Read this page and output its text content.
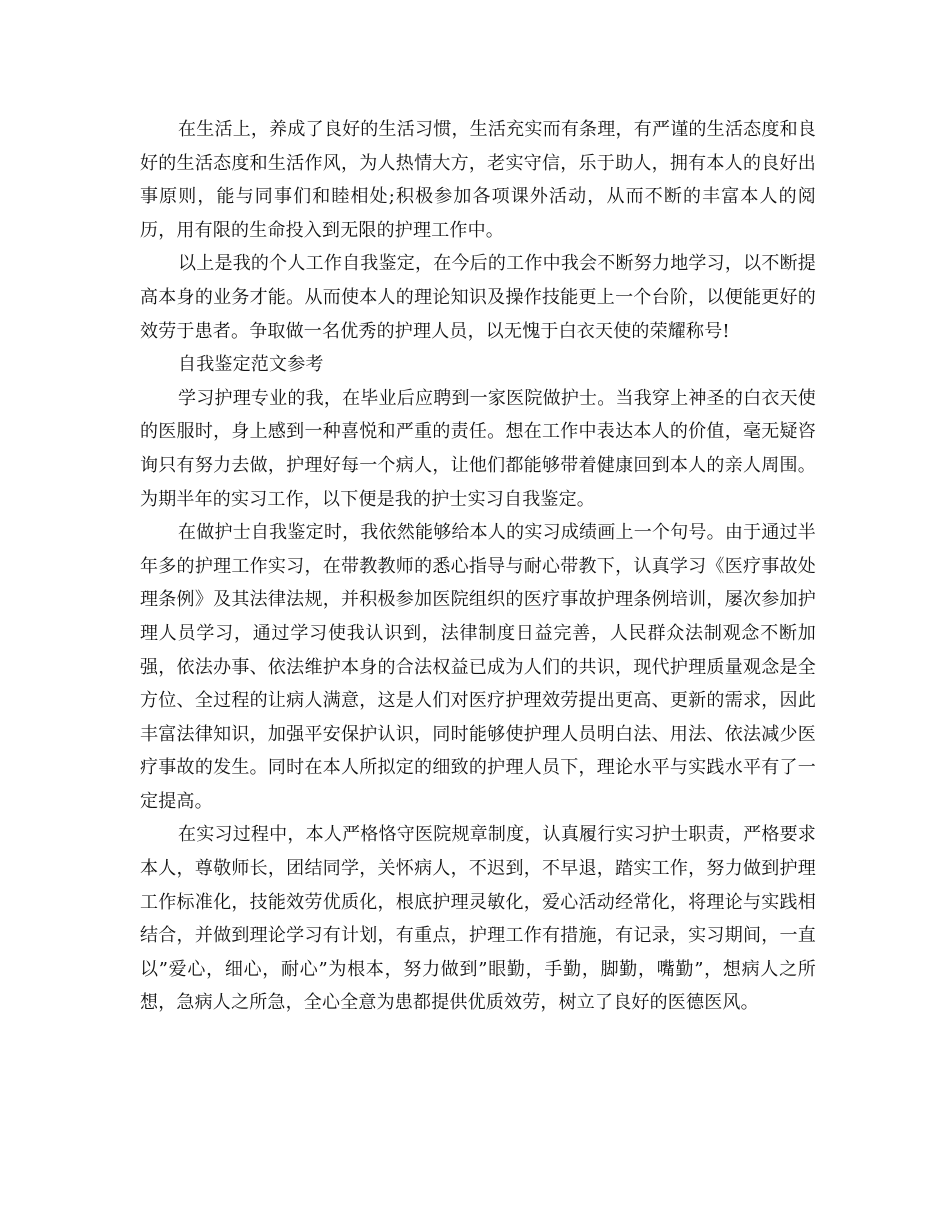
在生活上，养成了良好的生活习惯，生活充实而有条理，有严谨的生活态度和良好的生活态度和生活作风，为人热情大方，老实守信，乐于助人，拥有本人的良好出事原则，能与同事们和睦相处;积极参加各项课外活动，从而不断的丰富本人的阅历，用有限的生命投入到无限的护理工作中。

以上是我的个人工作自我鉴定，在今后的工作中我会不断努力地学习，以不断提高本身的业务才能。从而使本人的理论知识及操作技能更上一个台阶，以便能更好的效劳于患者。争取做一名优秀的护理人员，以无愧于白衣天使的荣耀称号!

自我鉴定范文参考

学习护理专业的我，在毕业后应聘到一家医院做护士。当我穿上神圣的白衣天使的医服时，身上感到一种喜悦和严重的责任。想在工作中表达本人的价值，毫无疑咨询只有努力去做，护理好每一个病人，让他们都能够带着健康回到本人的亲人周围。为期半年的实习工作，以下便是我的护士实习自我鉴定。

在做护士自我鉴定时，我依然能够给本人的实习成绩画上一个句号。由于通过半年多的护理工作实习，在带教教师的悉心指导与耐心带教下，认真学习《医疗事故处理条例》及其法律法规，并积极参加医院组织的医疗事故护理条例培训，屡次参加护理人员学习，通过学习使我认识到，法律制度日益完善，人民群众法制观念不断加强，依法办事、依法维护本身的合法权益已成为人们的共识，现代护理质量观念是全方位、全过程的让病人满意，这是人们对医疗护理效劳提出更高、更新的需求，因此丰富法律知识，加强平安保护认识，同时能够使护理人员明白法、用法、依法减少医疗事故的发生。同时在本人所拟定的细致的护理人员下，理论水平与实践水平有了一定提高。

在实习过程中，本人严格恪守医院规章制度，认真履行实习护士职责，严格要求本人，尊敬师长，团结同学，关怀病人，不迟到，不早退，踏实工作，努力做到护理工作标准化，技能效劳优质化，根底护理灵敏化，爱心活动经常化，将理论与实践相结合，并做到理论学习有计划，有重点，护理工作有措施，有记录，实习期间，一直以”爱心，细心，耐心”为根本，努力做到”眼勤，手勤，脚勤，嘴勤”，想病人之所想，急病人之所急，全心全意为患都提供优质效劳，树立了良好的医德医风。
